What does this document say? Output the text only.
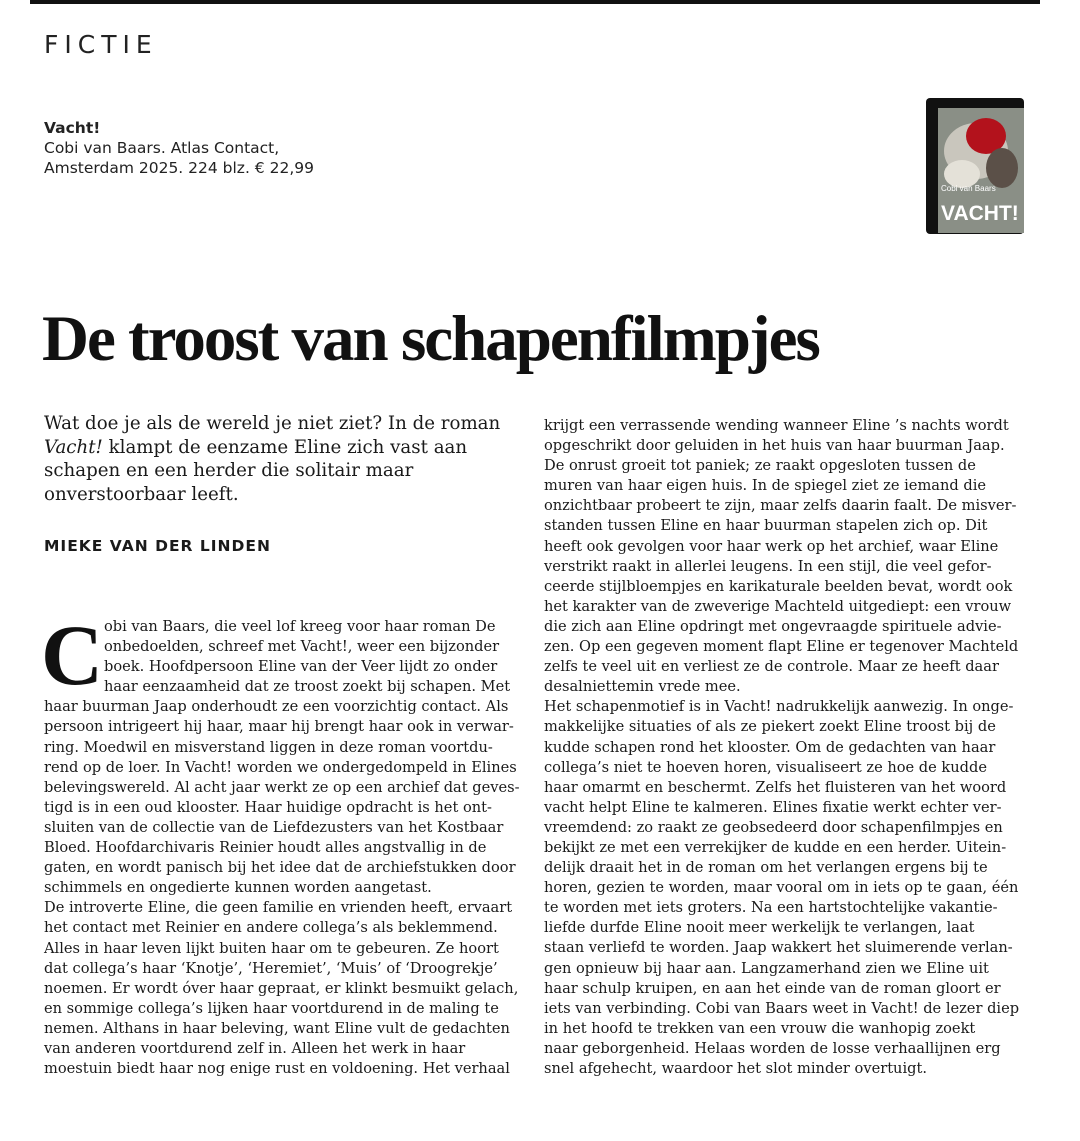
FICTIE
Vacht!
Cobi van Baars. Atlas Contact,
Amsterdam 2025. 224 blz. € 22,99
Cobi van Baars
VACHT!
De troost van schapenfilmpjes

Wat doe je als de wereld je niet ziet? In de roman
Vacht! klampt de eenzame Eline zich vast aan
schapen en een herder die solitair maar
onverstoorbaar leeft.

MIEKE VAN DER LINDEN
C obi van Baars, die veel lof kreeg voor haar roman De
onbedoelden, schreef met Vacht!, weer een bijzonder
boek. Hoofdpersoon Eline van der Veer lijdt zo onder
haar eenzaamheid dat ze troost zoekt bij schapen. Met
haar buurman Jaap onderhoudt ze een voorzichtig contact. Als
persoon intrigeert hij haar, maar hij brengt haar ook in verwar-
ring. Moedwil en misverstand liggen in deze roman voortdu-
rend op de loer. In Vacht! worden we ondergedompeld in Elines
belevingswereld. Al acht jaar werkt ze op een archief dat geves-
tigd is in een oud klooster. Haar huidige opdracht is het ont-
sluiten van de collectie van de Liefdezusters van het Kostbaar
Bloed. Hoofdarchivaris Reinier houdt alles angstvallig in de
gaten, en wordt panisch bij het idee dat de archiefstukken door
schimmels en ongedierte kunnen worden aangetast.
De introverte Eline, die geen familie en vrienden heeft, ervaart
het contact met Reinier en andere collega’s als beklemmend.
Alles in haar leven lijkt buiten haar om te gebeuren. Ze hoort
dat collega’s haar ‘Knotje’, ‘Heremiet’, ‘Muis’ of ‘Droogrekje’
noemen. Er wordt óver haar gepraat, er klinkt besmuikt gelach,
en sommige collega’s lijken haar voortdurend in de maling te
nemen. Althans in haar beleving, want Eline vult de gedachten
van anderen voortdurend zelf in. Alleen het werk in haar
moestuin biedt haar nog enige rust en voldoening. Het verhaal
krijgt een verrassende wending wanneer Eline ’s nachts wordt
opgeschrikt door geluiden in het huis van haar buurman Jaap.
De onrust groeit tot paniek; ze raakt opgesloten tussen de
muren van haar eigen huis. In de spiegel ziet ze iemand die
onzichtbaar probeert te zijn, maar zelfs daarin faalt. De misver-
standen tussen Eline en haar buurman stapelen zich op. Dit
heeft ook gevolgen voor haar werk op het archief, waar Eline
verstrikt raakt in allerlei leugens. In een stijl, die veel gefor-
ceerde stijlbloempjes en karikaturale beelden bevat, wordt ook
het karakter van de zweverige Machteld uitgediept: een vrouw
die zich aan Eline opdringt met ongevraagde spirituele advie-
zen. Op een gegeven moment flapt Eline er tegenover Machteld
zelfs te veel uit en verliest ze de controle. Maar ze heeft daar
desalniettemin vrede mee.
Het schapenmotief is in Vacht! nadrukkelijk aanwezig. In onge-
makkelijke situaties of als ze piekert zoekt Eline troost bij de
kudde schapen rond het klooster. Om de gedachten van haar
collega’s niet te hoeven horen, visualiseert ze hoe de kudde
haar omarmt en beschermt. Zelfs het fluisteren van het woord
vacht helpt Eline te kalmeren. Elines fixatie werkt echter ver-
vreemdend: zo raakt ze geobsedeerd door schapenfilmpjes en
bekijkt ze met een verrekijker de kudde en een herder. Uitein-
delijk draait het in de roman om het verlangen ergens bij te
horen, gezien te worden, maar vooral om in iets op te gaan, één
te worden met iets groters. Na een hartstochtelijke vakantie-
liefde durfde Eline nooit meer werkelijk te verlangen, laat
staan verliefd te worden. Jaap wakkert het sluimerende verlan-
gen opnieuw bij haar aan. Langzamerhand zien we Eline uit
haar schulp kruipen, en aan het einde van de roman gloort er
iets van verbinding. Cobi van Baars weet in Vacht! de lezer diep
in het hoofd te trekken van een vrouw die wanhopig zoekt
naar geborgenheid. Helaas worden de losse verhaallijnen erg
snel afgehecht, waardoor het slot minder overtuigt.
